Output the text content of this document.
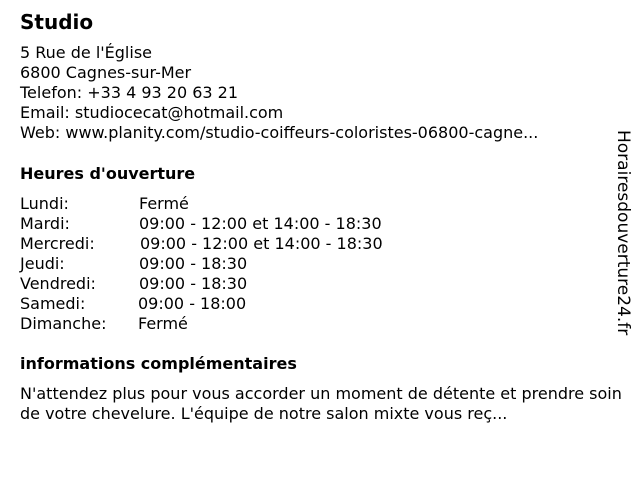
Studio
5 Rue de l'Église
6800 Cagnes-sur-Mer
Telefon: +33 4 93 20 63 21
Email: studiocecat@hotmail.com
Web: www.planity.com/studio-coiffeurs-coloristes-06800-cagne...
Heures d'ouverture
Lundi:	Fermé
Mardi:	09:00 - 12:00 et 14:00 - 18:30
Mercredi:	09:00 - 12:00 et 14:00 - 18:30
Jeudi:	09:00 - 18:30
Vendredi:	09:00 - 18:30
Samedi:	09:00 - 18:00
Dimanche: Fermé
informations complémentaires
N'attendez plus pour vous accorder un moment de détente et prendre soin de votre chevelure. L'équipe de notre salon mixte vous reç...
Horairesdouverture24.fr
